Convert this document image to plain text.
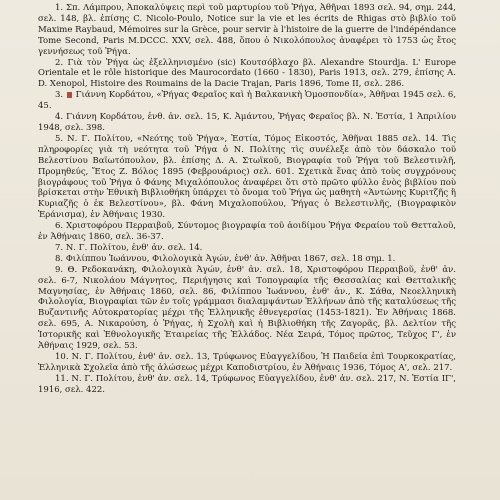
1. Σπ. Λάμπρου, Ἀποκαλύψεις περὶ τοῦ μαρτυρίου τοῦ Ῥήγα, Ἀθῆναι 1893 σελ. 94, σημ. 244, σελ. 148, βλ. ἐπίσης C. Nicolo-Poulo, Notice sur la vie et les écrits de Rhigas στὸ βιβλίο τοῦ Maxime Raybaud, Mémoires sur la Grèce, pour servir à l'histoire de la guerre de l'indépéndance Tome Second, Paris M.DCCC. XXV, σελ. 488, ὅπου ὁ Νικολόπουλος ἀναφέρει τὸ 1753 ὡς ἔτος γεννήσεως τοῦ Ῥήγα.

2. Γιὰ τὸν Ῥήγα ὡς ἐξελληνισμένο (sic) Κουτσόβλαχο βλ. Alexandre Stourdja. L' Europe Orientale et le rôle historique des Maurocordato (1660 - 1830), Paris 1913, σελ. 279, ἐπίσης A. D. Xenopol, Histoire des Roumains de la Dacie Trajan, Paris 1896, Tome II, σελ. 286.

3. Γιάννη Κορδάτου, «Ῥήγας Φεραῖος καὶ ἡ Βαλκανικὴ Ὁμοσπονδία», Ἀθῆναι 1945 σελ. 6, 45.

4. Γιάννη Κορδάτου, ἐνθ. ἀν. σελ. 15, Κ. Ἀμάντου, Ῥήγας Φεραῖος βλ. Ν. Ἑστία, 1 Ἀπριλίου 1948, σελ. 398.

5. Ν. Γ. Πολίτου, «Νεότης τοῦ Ῥήγα», Ἑστία, Τόμος Εἰκοστός, Ἀθῆναι 1885 σελ. 14. Τὶς πληροφορίες γιὰ τὴ νεότητα τοῦ Ῥήγα ὁ Ν. Πολίτης τὶς συνέλεξε ἀπὸ τὸν δάσκαλο τοῦ Βελεστίνου Βαϊωτόπουλον, βλ. ἐπίσης Δ. Α. Στωϊκοῦ, Βιογραφία τοῦ Ῥήγα τοῦ Βελεστινλῆ, Προμηθεύς, Ἔτος Ζ. Βόλος 1895 (Φεβρουάριος) σελ. 601. Σχετικὰ ἕνας ἀπὸ τοὺς συγχρόνους βιογράφους τοῦ Ῥήγα ὁ Φάνης Μιχαλόπουλος ἀναφέρει ὅτι στὸ πρῶτο φύλλο ἑνὸς βιβλίου ποὺ βρίσκεται στὴν Ἐθνικὴ Βιβλιοθήκη ὑπάρχει τὸ ὄνομα τοῦ Ῥήγα ὡς μαθητὴ «Ἀντώνης Κυριτζῆς ἢ Κυριαζῆς ὁ ἐκ Βελεστίνου», βλ. Φάνη Μιχαλοπούλου, Ῥήγας ὁ Βελεστινλῆς, (Βιογραφικὸν Ἐράνισμα), ἐν Ἀθήναις 1930.

6. Χριστοφόρου Περραιβοῦ, Σύντομος βιογραφία τοῦ ἀοιδίμου Ῥήγα Φεραίου τοῦ Θετταλοῦ, ἐν Ἀθήναις 1860, σελ. 36-37.

7. Ν. Γ. Πολίτου, ἐνθ' ἀν. σελ. 14.

8. Φιλίππου Ἰωάννου, Φιλολογικὰ Ἀγών, ἐνθ' ἀν. Ἀθῆναι 1867, σελ. 18 σημ. 1.

9. Θ. Ρεδοκανάκη, Φιλολογικὰ Ἀγών, ἐνθ' ἀν. σελ. 18, Χριστοφόρου Περραιβοῦ, ἐνθ' ἀν. σελ. 6-7, Νικολάου Μάγνητος, Περιήγησις καὶ Τοπογραφία τῆς Θεσσαλίας καὶ Θετταλικῆς Μαγνησίας, ἐν Ἀθήναις 1860, σελ. 86, Φιλίππου Ἰωάννου, ἐνθ' ἀν., Κ. Σάθα, Νεοελληνικὴ Φιλολογία, Βιογραφίαι τῶν ἐν τοῖς γράμμασι διαλαμψάντων Ἑλλήνων ἀπὸ τῆς καταλύσεως τῆς Βυζαντινῆς Αὐτοκρατορίας μέχρι τῆς Ἑλληνικῆς ἐθνεγερσίας (1453-1821). Ἐν Ἀθήναις 1868. σελ. 695, Α. Νικαρούση, ὁ Ῥήγας, ἡ Σχολὴ καὶ ἡ Βιβλιοθήκη τῆς Ζαγορᾶς, βλ. Δελτίον τῆς Ἱστορικῆς καὶ Ἐθνολογικῆς Ἑταιρείας τῆς Ἑλλάδος. Νέα Σειρά, Τόμος πρῶτος, Τεῦχος Γ', ἐν Ἀθήναις 1929, σελ. 53.

10. Ν. Γ. Πολίτου, ἐνθ' ἀν. σελ. 13, Τρύφωνος Εὐαγγελίδου, Ἡ Παιδεία ἐπὶ Τουρκοκρατίας, Ἑλληνικὰ Σχολεῖα ἀπὸ τῆς ἁλώσεως μέχρι Καποδιστρίου, ἐν Ἀθήναις 1936, Τόμος Α', σελ. 217.

11. Ν. Γ. Πολίτου, ἐνθ' ἀν. σελ. 14, Τρύφωνος Εὐαγγελίδου, ἐνθ' ἀν. σελ. 217, Ν. Ἑστία ΙΓ', 1916, σελ. 422.
